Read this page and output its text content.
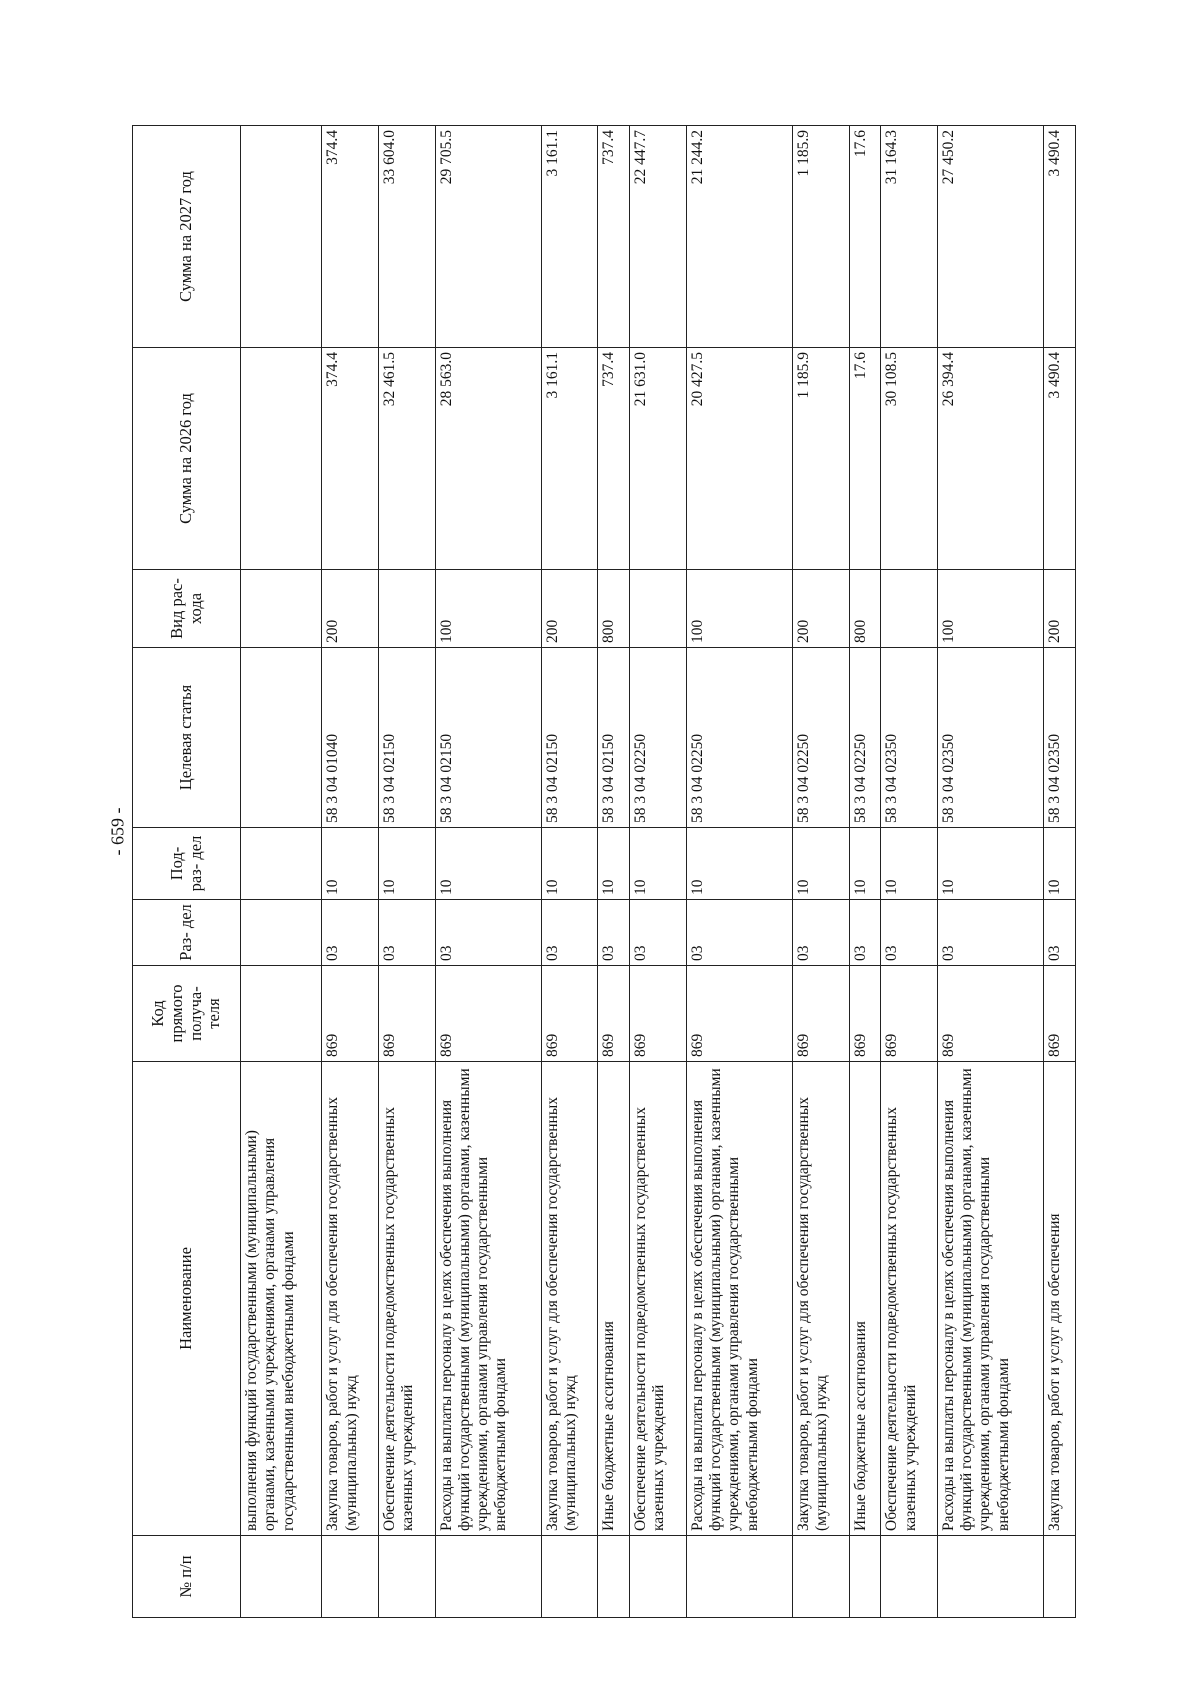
- 659 -
№ п/п	Наименование	Код прямого получа- теля	Раз- дел	Под- раз- дел	Целевая статья	Вид рас- хода	Сумма на 2026 год	Сумма на 2027 год
	выполнения функций государственными (муниципальными) органами, казенными учреждениями, органами управления государственными внебюджетными фондами							
	Закупка товаров, работ и услуг для обеспечения государственных (муниципальных) нужд	869	03	10	58 3 04 01040	200	374.4	374.4
	Обеспечение деятельности подведомственных государственных казенных учреждений	869	03	10	58 3 04 02150		32 461.5	33 604.0
	Расходы на выплаты персоналу в целях обеспечения выполнения функций государственными (муниципальными) органами, казенными учреждениями, органами управления государственными внебюджетными фондами	869	03	10	58 3 04 02150	100	28 563.0	29 705.5
	Закупка товаров, работ и услуг для обеспечения государственных (муниципальных) нужд	869	03	10	58 3 04 02150	200	3 161.1	3 161.1
	Иные бюджетные ассигнования	869	03	10	58 3 04 02150	800	737.4	737.4
	Обеспечение деятельности подведомственных государственных казенных учреждений	869	03	10	58 3 04 02250		21 631.0	22 447.7
	Расходы на выплаты персоналу в целях обеспечения выполнения функций государственными (муниципальными) органами, казенными учреждениями, органами управления государственными внебюджетными фондами	869	03	10	58 3 04 02250	100	20 427.5	21 244.2
	Закупка товаров, работ и услуг для обеспечения государственных (муниципальных) нужд	869	03	10	58 3 04 02250	200	1 185.9	1 185.9
	Иные бюджетные ассигнования	869	03	10	58 3 04 02250	800	17.6	17.6
	Обеспечение деятельности подведомственных государственных казенных учреждений	869	03	10	58 3 04 02350		30 108.5	31 164.3
	Расходы на выплаты персоналу в целях обеспечения выполнения функций государственными (муниципальными) органами, казенными учреждениями, органами управления государственными внебюджетными фондами	869	03	10	58 3 04 02350	100	26 394.4	27 450.2
	Закупка товаров, работ и услуг для обеспечения	869	03	10	58 3 04 02350	200	3 490.4	3 490.4
